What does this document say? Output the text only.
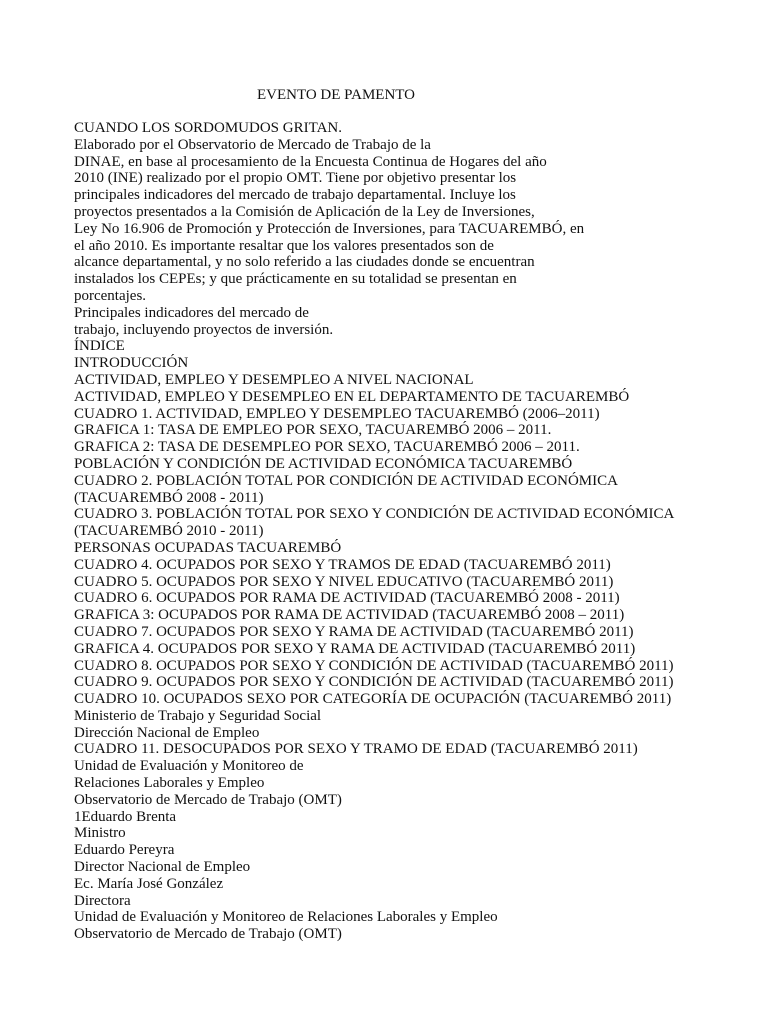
EVENTO DE PAMENTO
CUANDO LOS SORDOMUDOS GRITAN.
Elaborado por el Observatorio de Mercado de Trabajo de la
DINAE, en base al procesamiento de la Encuesta Continua de Hogares del año
2010 (INE) realizado por el propio OMT. Tiene por objetivo presentar los
principales indicadores del mercado de trabajo departamental. Incluye los
proyectos presentados a la Comisión de Aplicación de la Ley de Inversiones,
Ley No 16.906 de Promoción y Protección de Inversiones, para TACUAREMBÓ, en
el año 2010. Es importante resaltar que los valores presentados son de
alcance departamental, y no solo referido a las ciudades donde se encuentran
instalados los CEPEs; y que prácticamente en su totalidad se presentan en
porcentajes.
Principales indicadores del mercado de
trabajo, incluyendo proyectos de inversión.
ÍNDICE
INTRODUCCIÓN
ACTIVIDAD, EMPLEO Y DESEMPLEO A NIVEL NACIONAL
ACTIVIDAD, EMPLEO Y DESEMPLEO EN EL DEPARTAMENTO DE TACUAREMBÓ
CUADRO 1. ACTIVIDAD, EMPLEO Y DESEMPLEO TACUAREMBÓ (2006–2011)
GRAFICA 1: TASA DE EMPLEO POR SEXO, TACUAREMBÓ 2006 – 2011.
GRAFICA 2: TASA DE DESEMPLEO POR SEXO, TACUAREMBÓ 2006 – 2011.
POBLACIÓN Y CONDICIÓN DE ACTIVIDAD ECONÓMICA TACUAREMBÓ
CUADRO 2. POBLACIÓN TOTAL POR CONDICIÓN DE ACTIVIDAD ECONÓMICA
(TACUAREMBÓ 2008 - 2011)
CUADRO 3. POBLACIÓN TOTAL POR SEXO Y CONDICIÓN DE ACTIVIDAD ECONÓMICA
(TACUAREMBÓ 2010 - 2011)
PERSONAS OCUPADAS TACUAREMBÓ
CUADRO 4. OCUPADOS POR SEXO Y TRAMOS DE EDAD (TACUAREMBÓ 2011)
CUADRO 5. OCUPADOS POR SEXO Y NIVEL EDUCATIVO (TACUAREMBÓ 2011)
CUADRO 6. OCUPADOS POR RAMA DE ACTIVIDAD (TACUAREMBÓ 2008 - 2011)
GRAFICA 3: OCUPADOS POR RAMA DE ACTIVIDAD (TACUAREMBÓ 2008 – 2011)
CUADRO 7. OCUPADOS POR SEXO Y RAMA DE ACTIVIDAD (TACUAREMBÓ 2011)
GRAFICA 4. OCUPADOS POR SEXO Y RAMA DE ACTIVIDAD (TACUAREMBÓ 2011)
CUADRO 8. OCUPADOS POR SEXO Y CONDICIÓN DE ACTIVIDAD (TACUAREMBÓ 2011)
CUADRO 9. OCUPADOS POR SEXO Y CONDICIÓN DE ACTIVIDAD (TACUAREMBÓ 2011)
CUADRO 10. OCUPADOS SEXO POR CATEGORÍA DE OCUPACIÓN (TACUAREMBÓ 2011)
Ministerio de Trabajo y Seguridad Social
Dirección Nacional de Empleo
CUADRO 11. DESOCUPADOS POR SEXO Y TRAMO DE EDAD (TACUAREMBÓ 2011)
Unidad de Evaluación y Monitoreo de
Relaciones Laborales y Empleo
Observatorio de Mercado de Trabajo (OMT)
1Eduardo Brenta
Ministro
Eduardo Pereyra
Director Nacional de Empleo
Ec. María José González
Directora
Unidad de Evaluación y Monitoreo de Relaciones Laborales y Empleo
Observatorio de Mercado de Trabajo (OMT)
